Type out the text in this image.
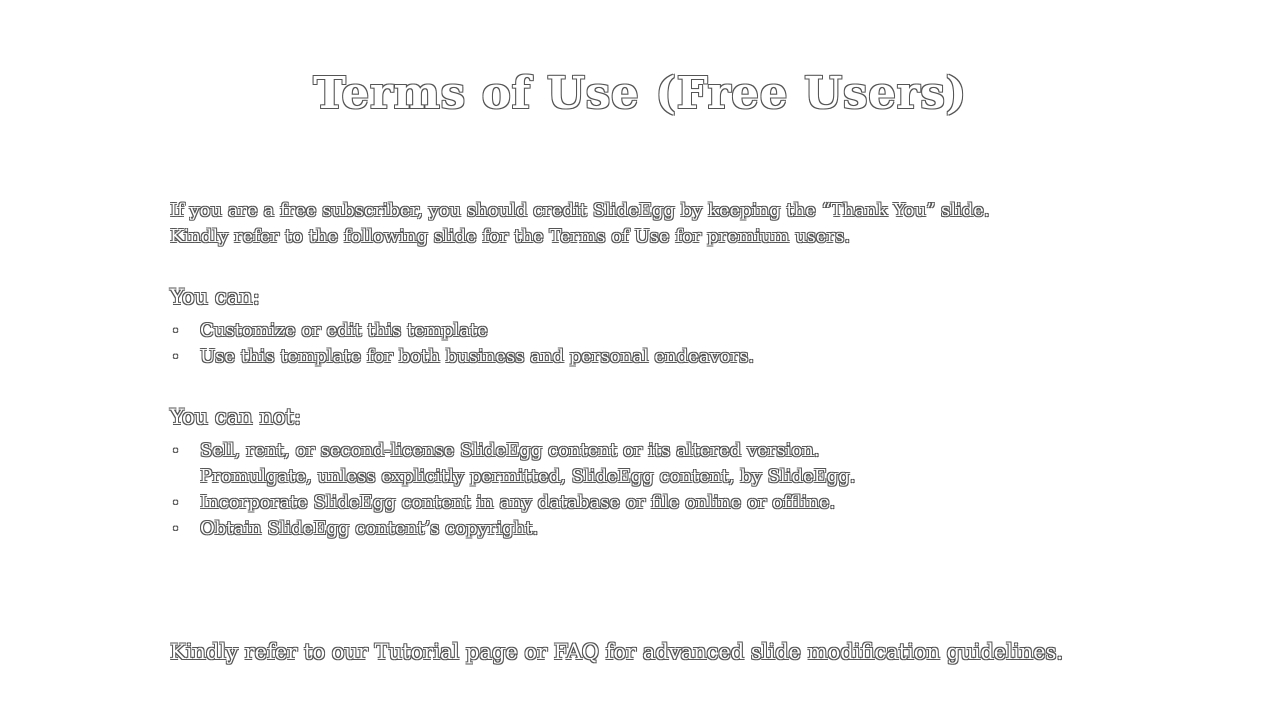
Terms of Use (Free Users)

If you are a free subscriber, you should credit SlideEgg by keeping the “Thank You” slide.
Kindly refer to the following slide for the Terms of Use for premium users.

You can:
• Customize or edit this template
• Use this template for both business and personal endeavors.
You can not:
• Sell, rent, or second-license SlideEgg content or its altered version.
Promulgate, unless explicitly permitted, SlideEgg content, by SlideEgg.
• Incorporate SlideEgg content in any database or file online or offline.
• Obtain SlideEgg content’s copyright.
Kindly refer to our Tutorial page or FAQ for advanced slide modification guidelines.
